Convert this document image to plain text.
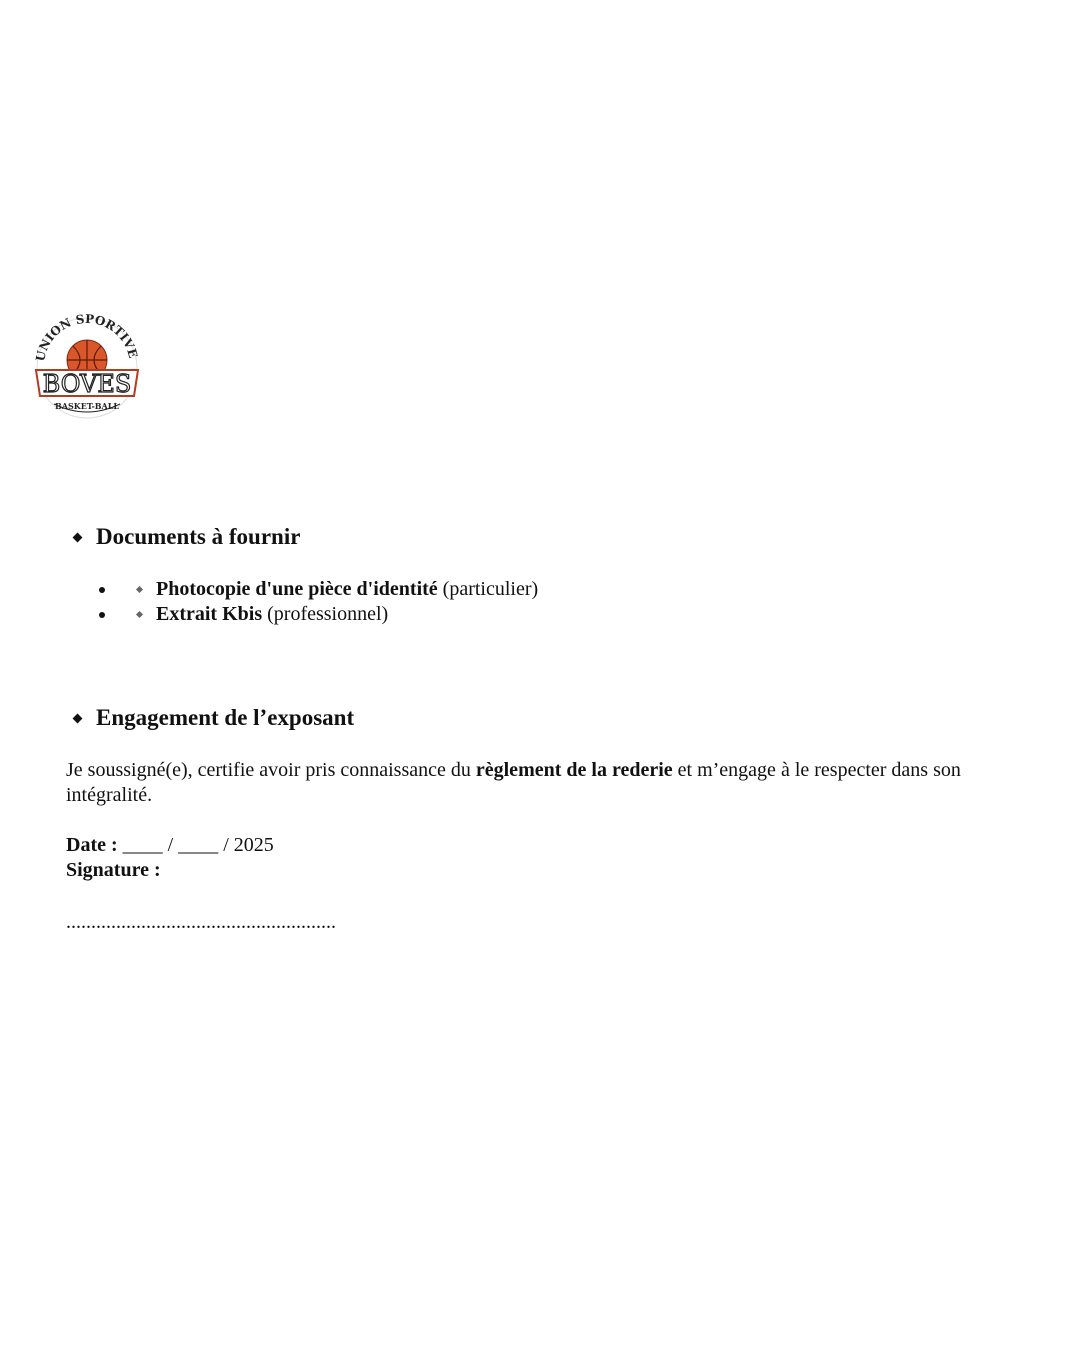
UNION SPORTIVE
BOVES
BASKET-BALL
Documents à fournir
Photocopie d'une pièce d'identité (particulier)
Extrait Kbis (professionnel)
Engagement de l’exposant

Je soussigné(e), certifie avoir pris connaissance du règlement de la rederie et m’engage à le respecter dans son intégralité.

Date : ____ / ____ / 2025
Signature :
......................................................
